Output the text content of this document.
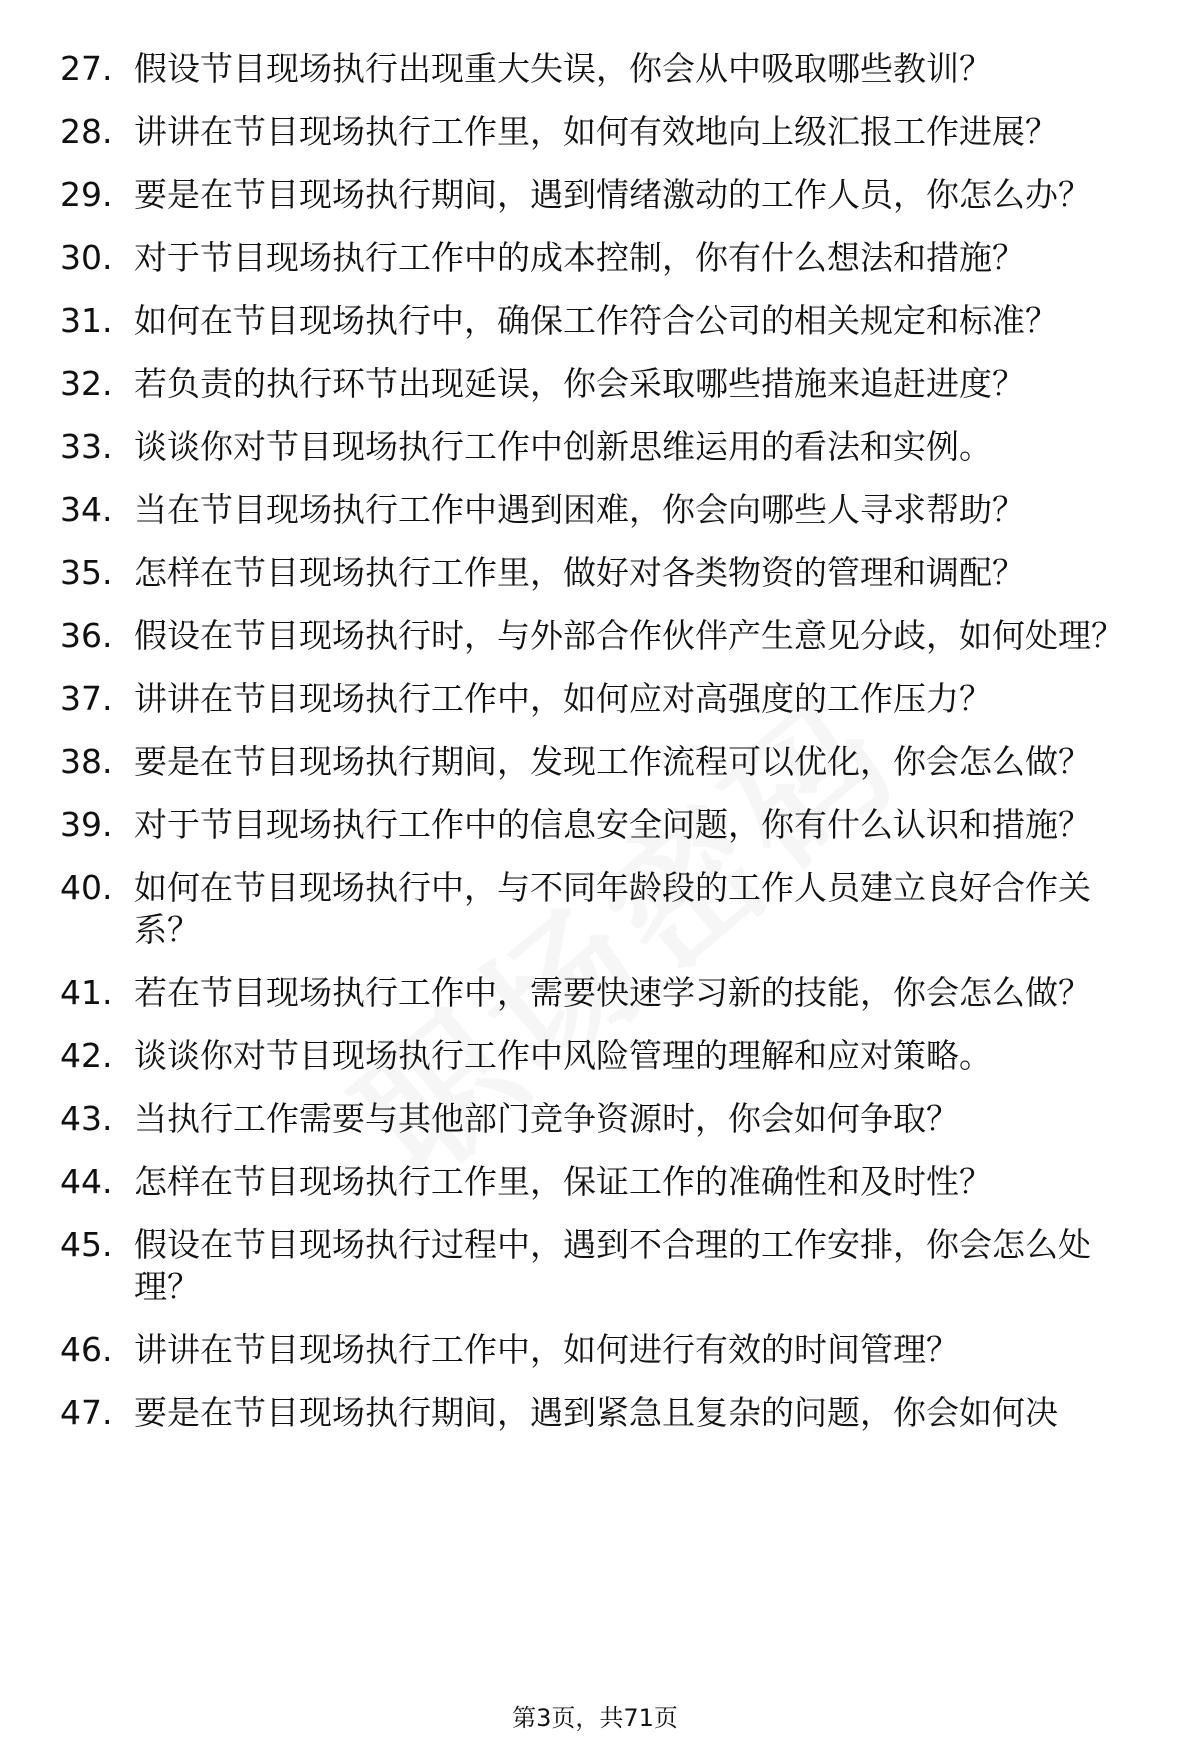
27. 假设节目现场执行出现重大失误，你会从中吸取哪些教训？
28. 讲讲在节目现场执行工作里，如何有效地向上级汇报工作进展？
29. 要是在节目现场执行期间，遇到情绪激动的工作人员，你怎么办？
30. 对于节目现场执行工作中的成本控制，你有什么想法和措施？
31. 如何在节目现场执行中，确保工作符合公司的相关规定和标准？
32. 若负责的执行环节出现延误，你会采取哪些措施来追赶进度？
33. 谈谈你对节目现场执行工作中创新思维运用的看法和实例。
34. 当在节目现场执行工作中遇到困难，你会向哪些人寻求帮助？
35. 怎样在节目现场执行工作里，做好对各类物资的管理和调配？
36. 假设在节目现场执行时，与外部合作伙伴产生意见分歧，如何处理？
37. 讲讲在节目现场执行工作中，如何应对高强度的工作压力？
38. 要是在节目现场执行期间，发现工作流程可以优化，你会怎么做？
39. 对于节目现场执行工作中的信息安全问题，你有什么认识和措施？
40. 如何在节目现场执行中，与不同年龄段的工作人员建立良好合作关系？
41. 若在节目现场执行工作中，需要快速学习新的技能，你会怎么做？
42. 谈谈你对节目现场执行工作中风险管理的理解和应对策略。
43. 当执行工作需要与其他部门竞争资源时，你会如何争取？
44. 怎样在节目现场执行工作里，保证工作的准确性和及时性？
45. 假设在节目现场执行过程中，遇到不合理的工作安排，你会怎么处理？
46. 讲讲在节目现场执行工作中，如何进行有效的时间管理？
47. 要是在节目现场执行期间，遇到紧急且复杂的问题，你会如何决
第3页，共71页
